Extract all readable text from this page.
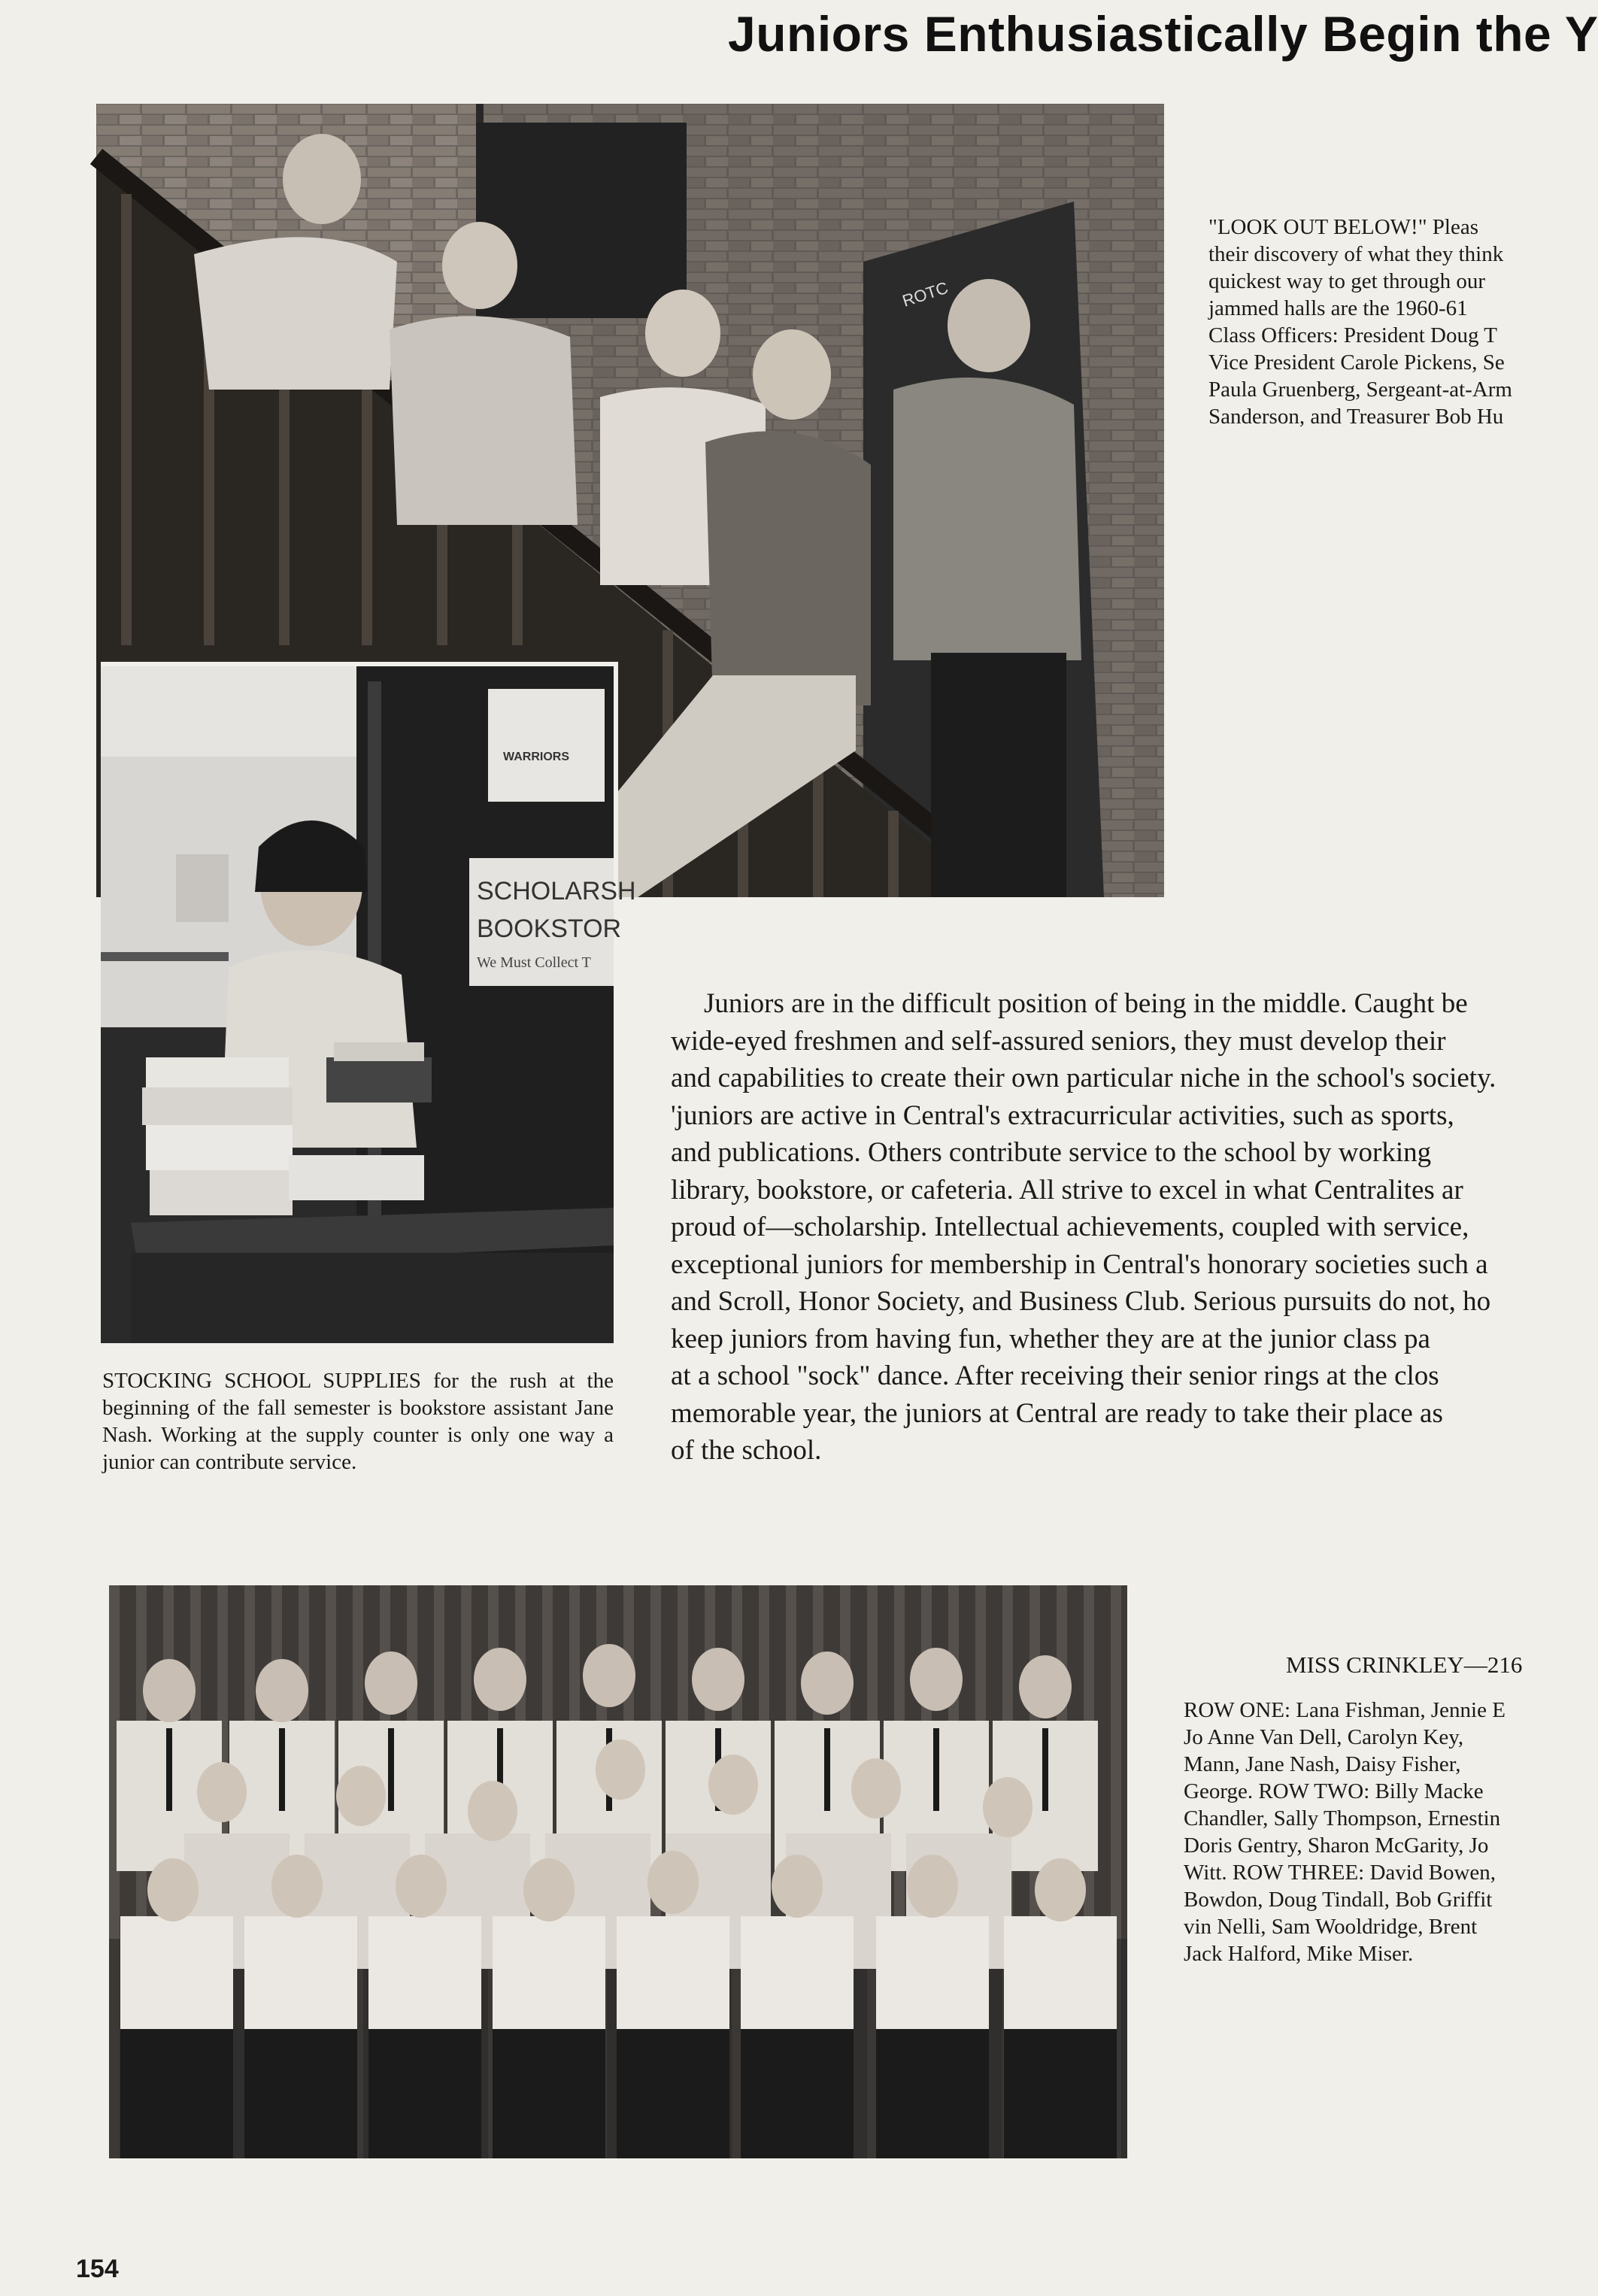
Juniors Enthusiastically Begin the Y
ROTC
"LOOK OUT BELOW!" Pleas
their discovery of what they think
quickest way to get through our
jammed halls are the 1960-61
Class Officers: President Doug T
Vice President Carole Pickens, Se
Paula Gruenberg, Sergeant-at-Arm
Sanderson, and Treasurer Bob Hu
WARRIORS
SCHOLARSH
BOOKSTOR
We Must Collect T
STOCKING SCHOOL SUPPLIES for the rush at the beginning of the fall semester is bookstore assistant Jane Nash. Working at the supply counter is only one way a junior can contribute service.
Juniors are in the difficult position of being in the middle. Caught be
wide-eyed freshmen and self-assured seniors, they must develop their
and capabilities to create their own particular niche in the school's society.
'juniors are active in Central's extracurricular activities, such as sports,
and publications. Others contribute service to the school by working
library, bookstore, or cafeteria. All strive to excel in what Centralites ar
proud of—scholarship. Intellectual achievements, coupled with service,
exceptional juniors for membership in Central's honorary societies such a
and Scroll, Honor Society, and Business Club. Serious pursuits do not, ho
keep juniors from having fun, whether they are at the junior class pa
at a school "sock" dance. After receiving their senior rings at the clos
memorable year, the juniors at Central are ready to take their place as
of the school.
MISS CRINKLEY—216
ROW ONE: Lana Fishman, Jennie E
Jo Anne Van Dell, Carolyn Key,
Mann, Jane Nash, Daisy Fisher,
George. ROW TWO: Billy Macke
Chandler, Sally Thompson, Ernestin
Doris Gentry, Sharon McGarity, Jo
Witt. ROW THREE: David Bowen,
Bowdon, Doug Tindall, Bob Griffit
vin Nelli, Sam Wooldridge, Brent
Jack Halford, Mike Miser.
154
